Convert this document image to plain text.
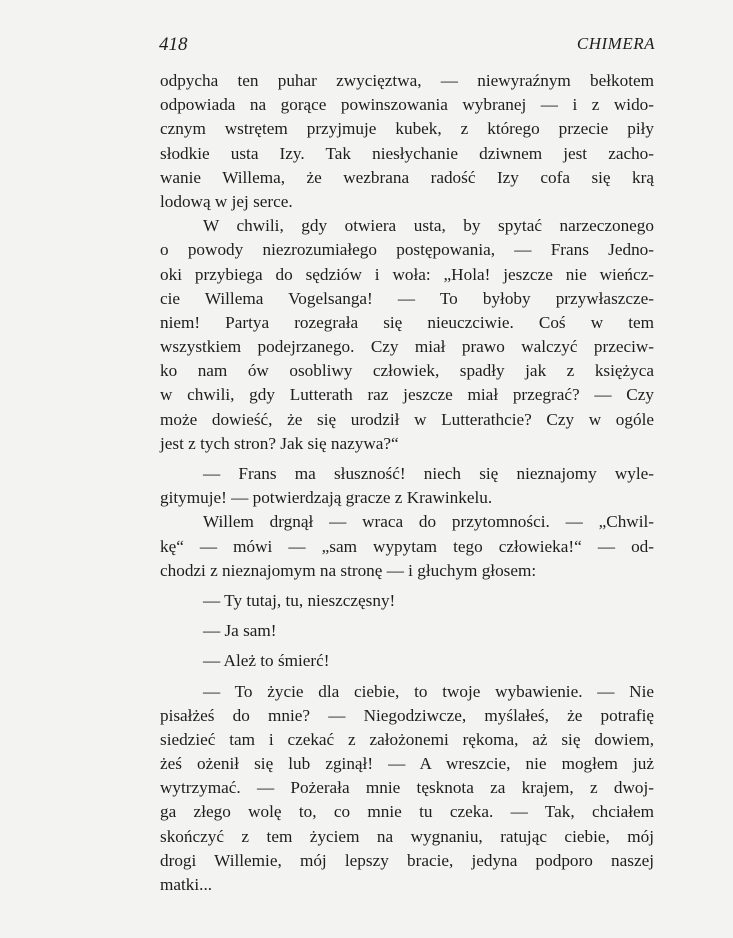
418	CHIMERA
odpycha ten puhar zwycięztwa, — niewyraźnym bełkotem
odpowiada na gorące powinszowania wybranej — i z wido-
cznym wstrętem przyjmuje kubek, z którego przecie piły
słodkie usta Izy. Tak niesłychanie dziwnem jest zacho-
wanie Willema, że wezbrana radość Izy cofa się krą
lodową w jej serce.
W chwili, gdy otwiera usta, by spytać narzeczonego
o powody niezrozumiałego postępowania, — Frans Jedno-
oki przybiega do sędziów i woła: „Hola! jeszcze nie wieńcz-
cie Willema Vogelsanga! — To byłoby przywłaszcze-
niem! Partya rozegrała się nieuczciwie. Coś w tem
wszystkiem podejrzanego. Czy miał prawo walczyć przeciw-
ko nam ów osobliwy człowiek, spadły jak z księżyca
w chwili, gdy Lutterath raz jeszcze miał przegrać? — Czy
może dowieść, że się urodził w Lutterathcie? Czy w ogóle
jest z tych stron? Jak się nazywa?“
— Frans ma słuszność! niech się nieznajomy wyle-
gitymuje! — potwierdzają gracze z Krawinkelu.
Willem drgnął — wraca do przytomności. — „Chwil-
kę“ — mówi — „sam wypytam tego człowieka!“ — od-
chodzi z nieznajomym na stronę — i głuchym głosem:
— Ty tutaj, tu, nieszczęsny!
— Ja sam!
— Ależ to śmierć!
— To życie dla ciebie, to twoje wybawienie. — Nie
pisałżeś do mnie? — Niegodziwcze, myślałeś, że potrafię
siedzieć tam i czekać z założonemi rękoma, aż się dowiem,
żeś ożenił się lub zginął! — A wreszcie, nie mogłem już
wytrzymać. — Pożerała mnie tęsknota za krajem, z dwoj-
ga złego wolę to, co mnie tu czeka. — Tak, chciałem
skończyć z tem życiem na wygnaniu, ratując ciebie, mój
drogi Willemie, mój lepszy bracie, jedyna podporo naszej
matki...
